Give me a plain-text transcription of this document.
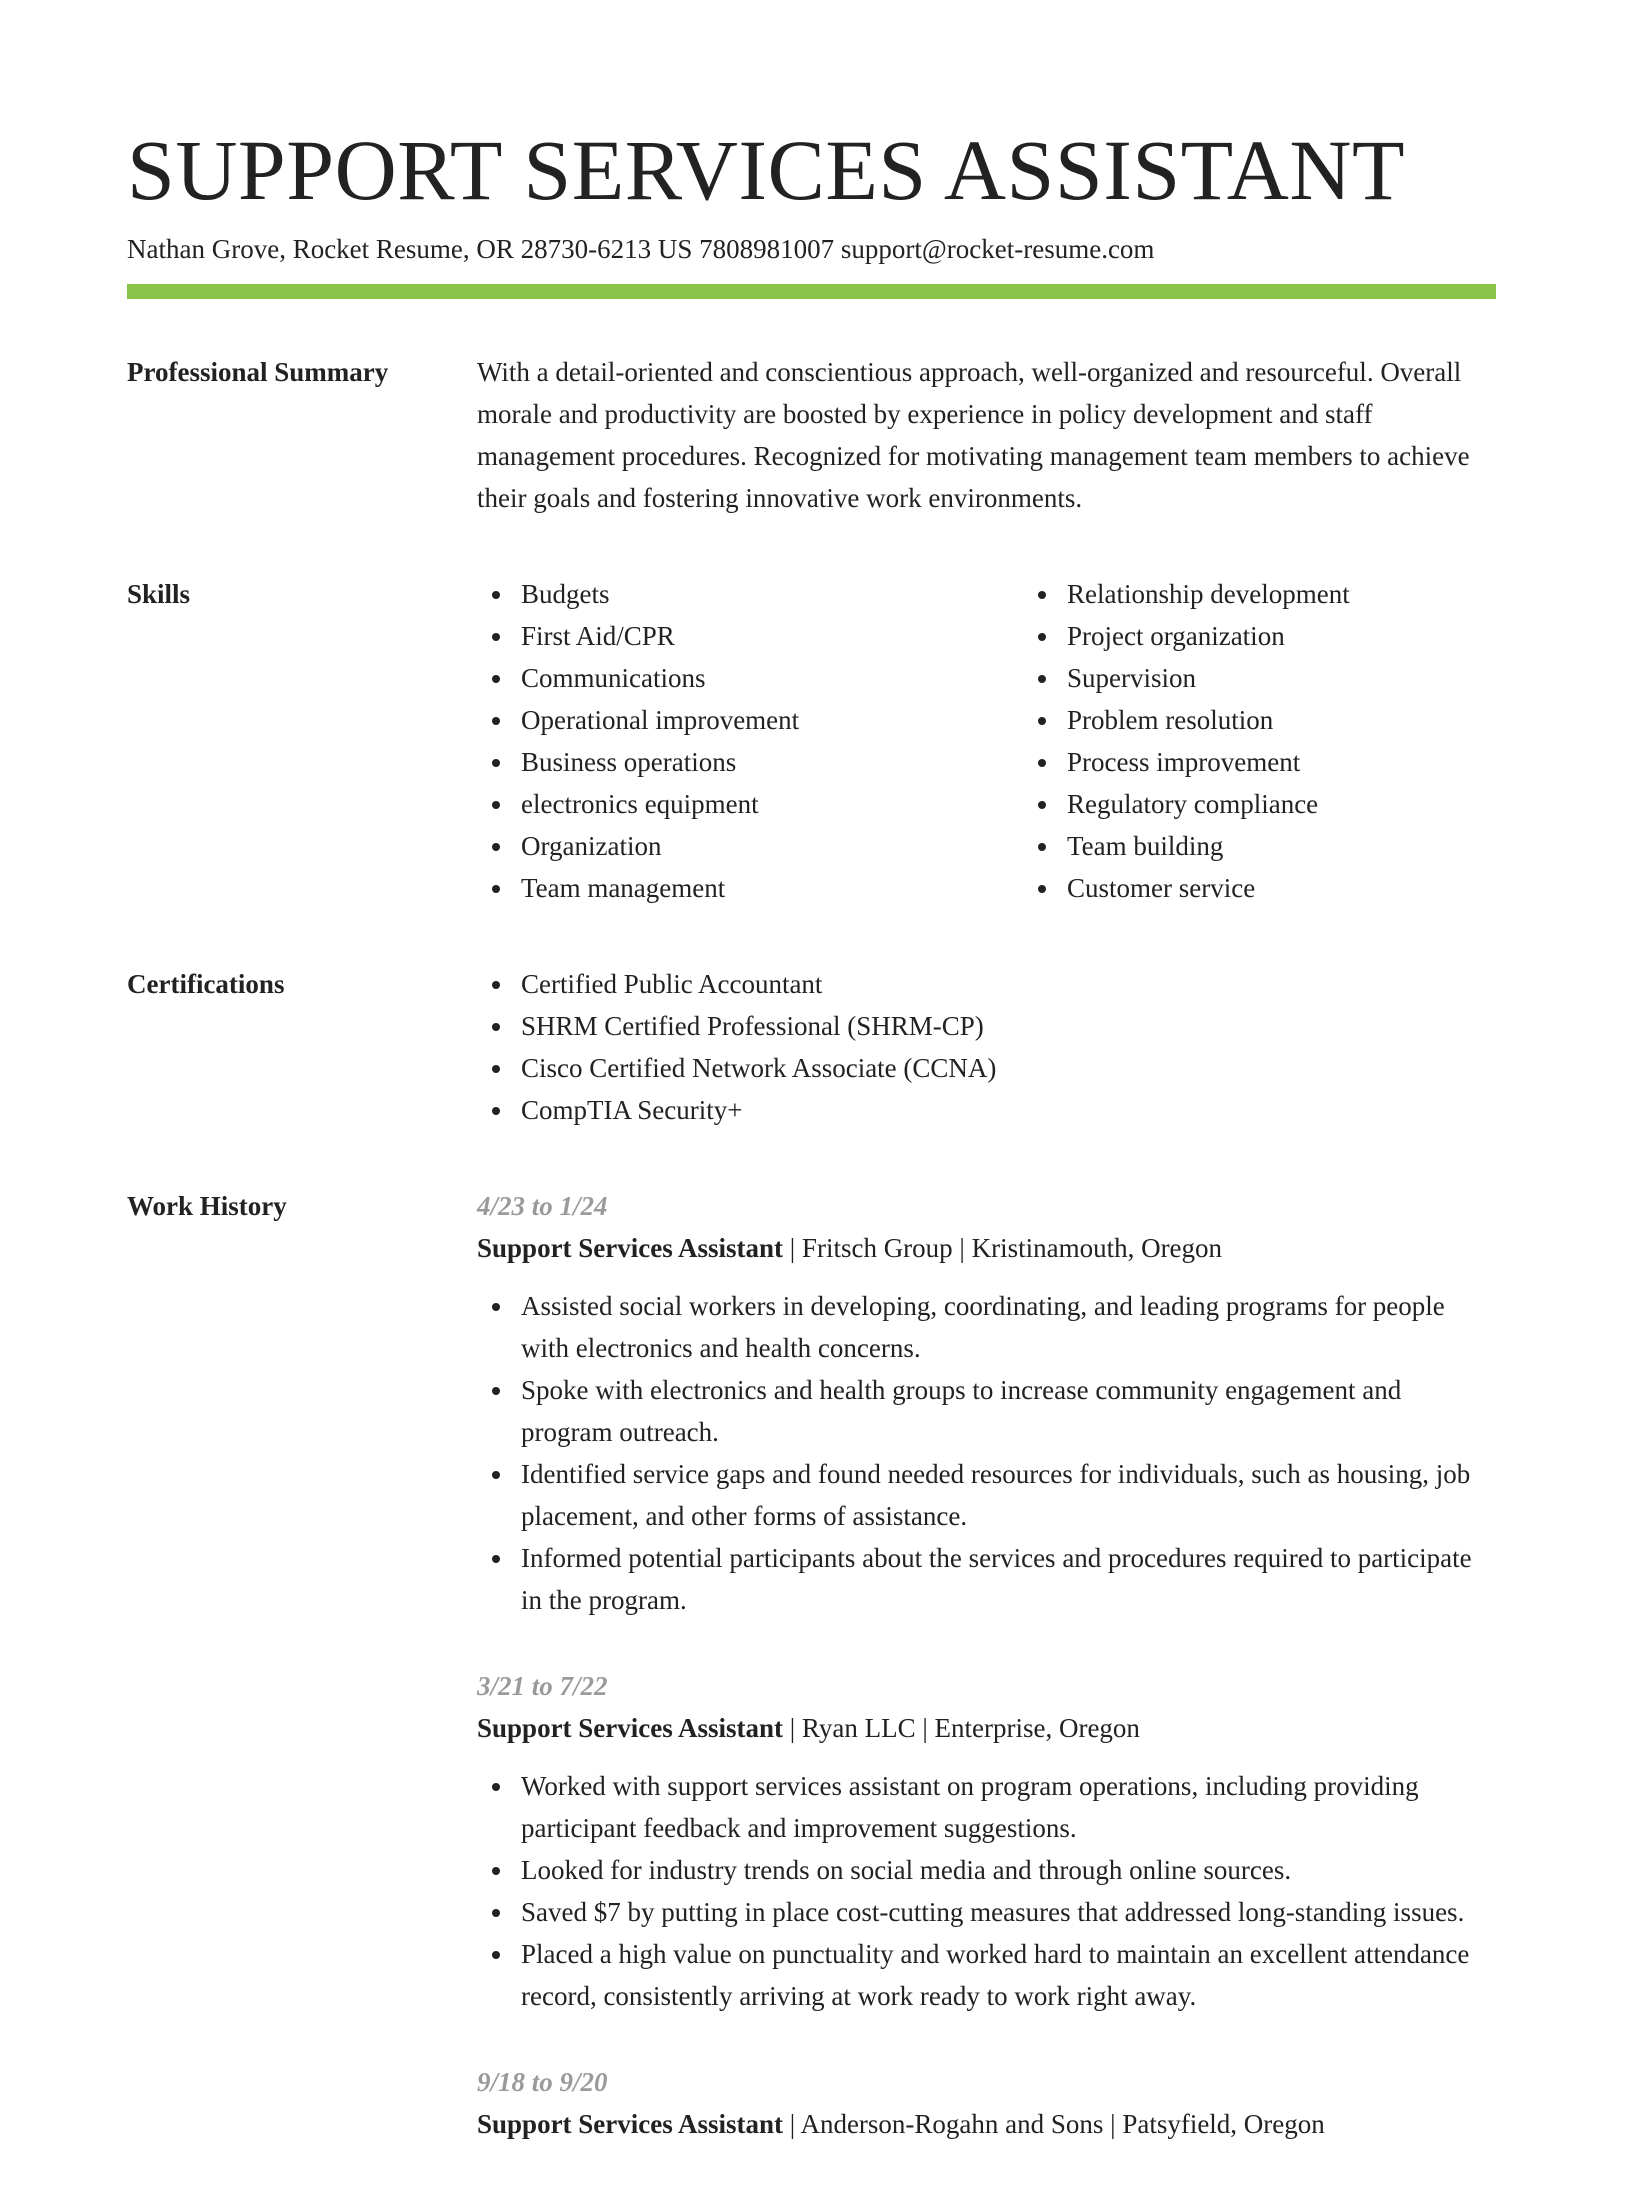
SUPPORT SERVICES ASSISTANT
Nathan Grove, Rocket Resume, OR 28730-6213 US 7808981007 support@rocket-resume.com
Professional Summary	With a detail-oriented and conscientious approach, well-organized and resourceful. Overall morale and productivity are boosted by experience in policy development and staff management procedures. Recognized for motivating management team members to achieve their goals and fostering innovative work environments.

Skills	Budgets
First Aid/CPR
Communications
Operational improvement
Business operations
electronics equipment
Organization
Team management
Relationship development
Project organization
Supervision
Problem resolution
Process improvement
Regulatory compliance
Team building
Customer service
Certifications	Certified Public Accountant
SHRM Certified Professional (SHRM-CP)
Cisco Certified Network Associate (CCNA)
CompTIA Security+
Work History	4/23 to 1/24
Support Services Assistant | Fritsch Group | Kristinamouth, Oregon
Assisted social workers in developing, coordinating, and leading programs for people with electronics and health concerns.
Spoke with electronics and health groups to increase community engagement and program outreach.
Identified service gaps and found needed resources for individuals, such as housing, job placement, and other forms of assistance.
Informed potential participants about the services and procedures required to participate in the program.
3/21 to 7/22
Support Services Assistant | Ryan LLC | Enterprise, Oregon
Worked with support services assistant on program operations, including providing participant feedback and improvement suggestions.
Looked for industry trends on social media and through online sources.
Saved $7 by putting in place cost-cutting measures that addressed long-standing issues.
Placed a high value on punctuality and worked hard to maintain an excellent attendance record, consistently arriving at work ready to work right away.
9/18 to 9/20
Support Services Assistant | Anderson-Rogahn and Sons | Patsyfield, Oregon
